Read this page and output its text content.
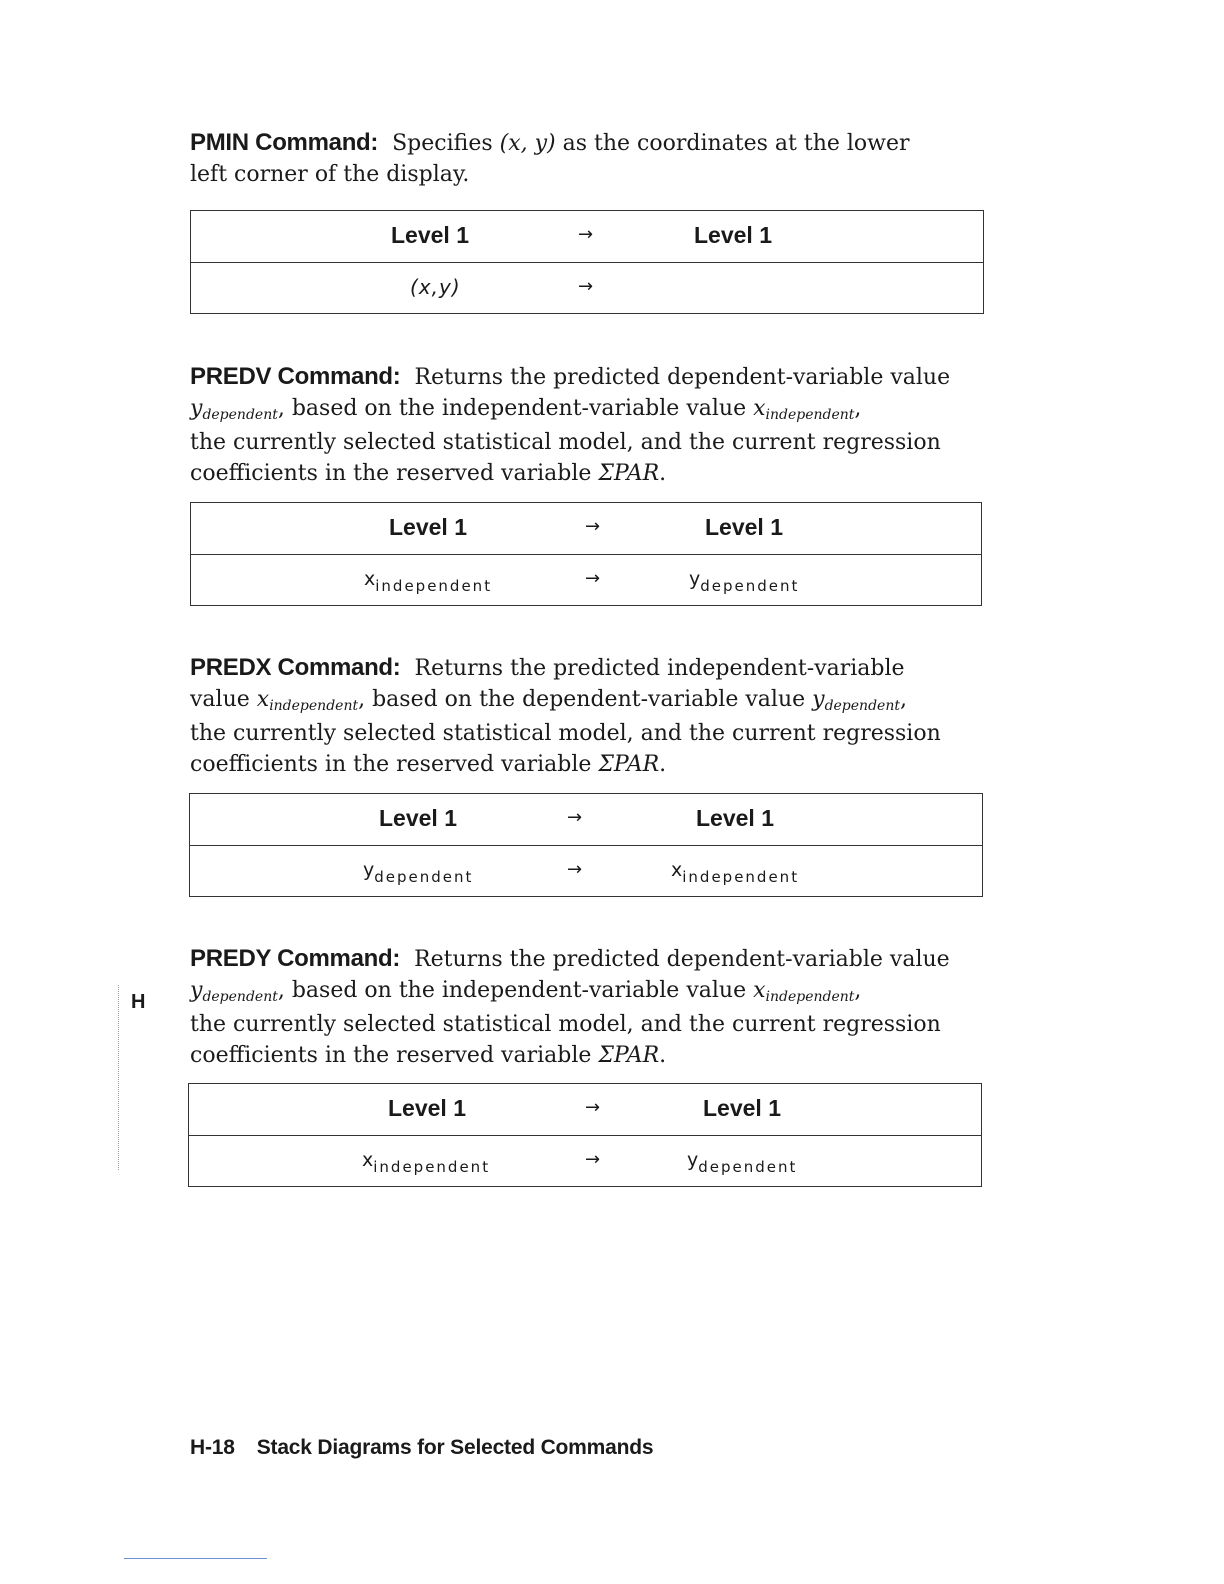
PMIN Command: Specifies (x, y) as the coordinates at the lower
left corner of the display.

Level 1	→	Level 1
(x,y)	→

PREDV Command: Returns the predicted dependent-variable value
ydependent, based on the independent-variable value xindependent,
the currently selected statistical model, and the current regression
coefficients in the reserved variable ΣPAR.

Level 1	→	Level 1
xindependent	→	ydependent

PREDX Command: Returns the predicted independent-variable
value xindependent, based on the dependent-variable value ydependent,
the currently selected statistical model, and the current regression
coefficients in the reserved variable ΣPAR.

Level 1	→	Level 1
ydependent	→	xindependent

PREDY Command: Returns the predicted dependent-variable value
ydependent, based on the independent-variable value xindependent,
the currently selected statistical model, and the current regression
coefficients in the reserved variable ΣPAR.

Level 1	→	Level 1
xindependent	→	ydependent
H
H-18 Stack Diagrams for Selected Commands
